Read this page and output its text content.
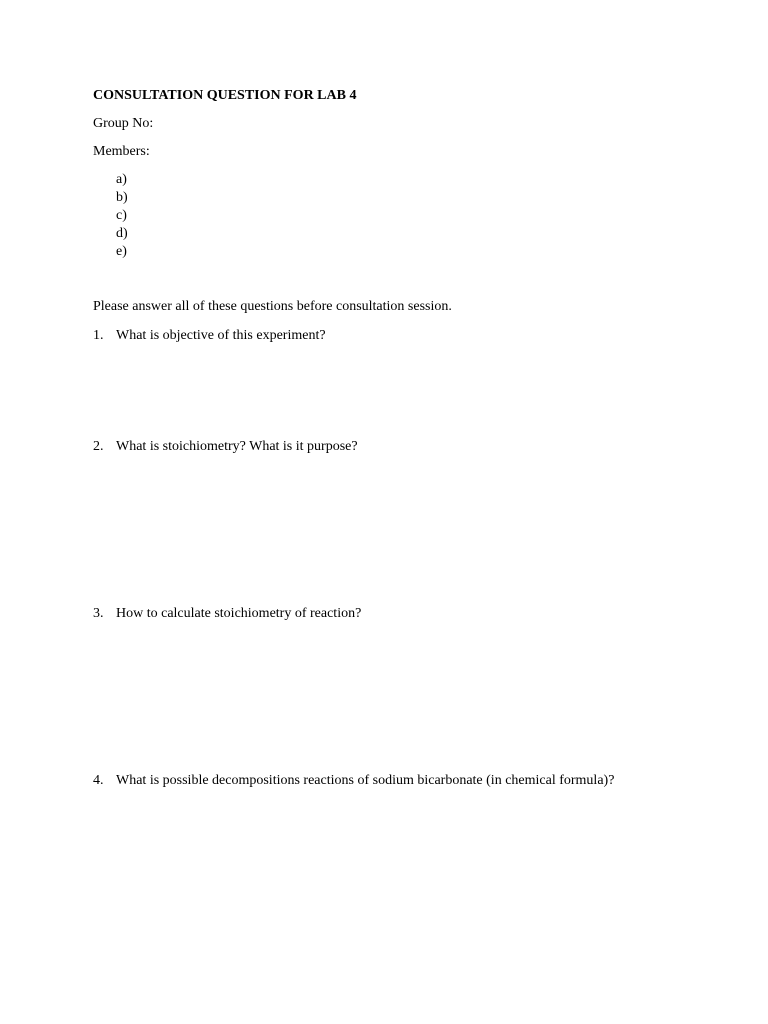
CONSULTATION QUESTION FOR LAB 4
Group No:
Members:
a)
b)
c)
d)
e)
Please answer all of these questions before consultation session.
1. What is objective of this experiment?
2. What is stoichiometry? What is it purpose?
3. How to calculate stoichiometry of reaction?
4. What is possible decompositions reactions of sodium bicarbonate (in chemical formula)?
